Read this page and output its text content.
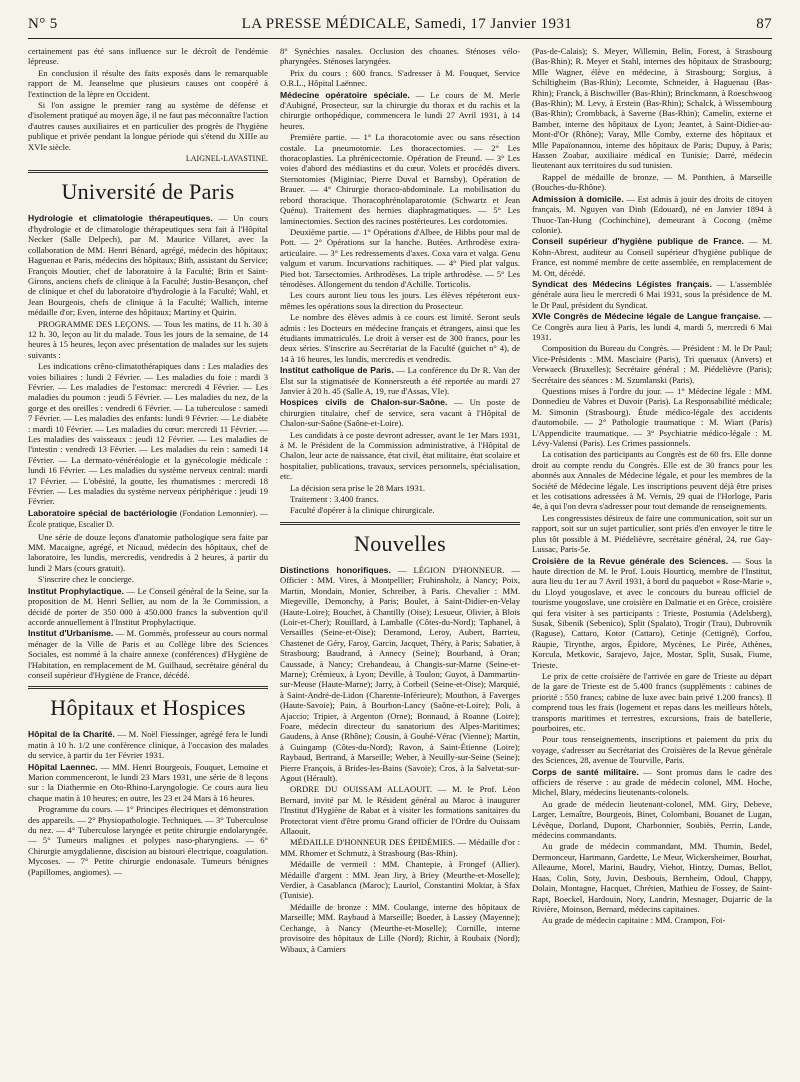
N° 5	LA PRESSE MÉDICALE, Samedi, 17 Janvier 1931	87

certainement pas été sans influence sur le décroît de l'endémie lépreuse.

En conclusion il résulte des faits exposés dans le remarquable rapport de M. Jeanselme que plusieurs causes ont coopéré à l'extinction de la lèpre en Occident.

Si l'on assigne le premier rang au système de défense et d'isolement pratiqué au moyen âge, il ne faut pas méconnaître l'action d'autres causes auxiliaires et en particulier des progrès de l'hygiène publique et privée pendant la longue période qui s'étend du XIIIe au XVIe siècle.

LAIGNEL-LAVASTINE.

Université de Paris

Hydrologie et climatologie thérapeutiques. — Un cours d'hydrologie et de climatologie thérapeutiques sera fait à l'Hôpital Necker (Salle Delpech), par M. Maurice Villaret, avec la collaboration de MM. Henri Bénard, agrégé, médecin des hôpitaux; Haguenau et Paris, médecins des hôpitaux; Bith, assistant du Service; François Moutier, chef de laboratoire à la Faculté; Brin et Saint-Girons, anciens chefs de clinique à la Faculté; Justin-Besançon, chef de clinique et chef du laboratoire d'hydrologie à la Faculté; Wahl, et Jean Bourgeois, chefs de clinique à la Faculté; Wallich, interne médaille d'or; Even, interne des hôpitaux; Martiny et Quirin.

PROGRAMME DES LEÇONS. — Tous les matins, de 11 h. 30 à 12 h. 30, leçon au lit du malade. Tous les jours de la semaine, de 14 heures à 15 heures, leçon avec présentation de malades sur les sujets suivants :

Les indications crêno-climatothérapiques dans : Les maladies des voies biliaires : lundi 2 Février. — Les maladies du foie : mardi 3 Février. — Les maladies de l'estomac: mercredi 4 Février. — Les maladies du poumon : jeudi 5 Février. — Les maladies du nez, de la gorge et des oreilles : vendredi 6 Février. — La tuberculose : samedi 7 Février. — Les maladies des enfants: lundi 9 Février. — Le diabète : mardi 10 Février. — Les maladies du cœur: mercredi 11 Février. — Les maladies des vaisseaux : jeudi 12 Février. — Les maladies de l'intestin : vendredi 13 Février. — Les maladies du rein : samedi 14 Février. — La dermato-vénéréologie et la gynécologie médicale : lundi 16 Février. — Les maladies du système nerveux central: mardi 17 Février. — L'obésité, la goutte, les rhumatismes : mercredi 18 Février. — Les maladies du système nerveux périphérique : jeudi 19 Février.

Laboratoire spécial de bactériologie (Fondation Lemonnier). — École pratique, Escalier D.

Une série de douze leçons d'anatomie pathologique sera faite par MM. Macaigne, agrégé, et Nicaud, médecin des hôpitaux, chef de laboratoire, les lundis, mercredis, vendredis à 2 heures, à partir du lundi 2 Mars (cours gratuit).

S'inscrire chez le concierge.

Institut Prophylactique. — Le Conseil général de la Seine, sur la proposition de M. Henri Sellier, au nom de la 3e Commission, a décidé de porter de 350 000 à 450.000 francs la subvention qu'il accorde annuellement à l'Institut Prophylactique.

Institut d'Urbanisme. — M. Gommès, professeur au cours normal ménager de la Ville de Paris et au Collège libre des Sciences Sociales, est nommé à la chaire annexe (conférences) d'Hygiène de l'Habitation, en remplacement de M. Guilhaud, secrétaire général du conseil supérieur d'Hygiène de France, décédé.

Hôpitaux et Hospices

Hôpital de la Charité. — M. Noël Fiessinger, agrégé fera le lundi matin à 10 h. 1/2 une conférence clinique, à l'occasion des malades du service, à partir du 1er Février 1931.

Hôpital Laennec. — MM. Henri Bourgeois, Fouquet, Lemoine et Marion commenceront, le lundi 23 Mars 1931, une série de 8 leçons sur : la Diathermie en Oto-Rhino-Laryngologie. Ce cours aura lieu chaque matin à 10 heures; en outre, les 23 et 24 Mars à 16 heures.

Programme du cours. — 1° Principes électriques et démonstration des appareils. — 2° Physiopathologie. Techniques. — 3° Tuberculose du nez. — 4° Tuberculose laryngée et petite chirurgie endolaryngée. — 5° Tumeurs malignes et polypes naso-pharyngiens. — 6° Chirurgie amygdalienne, discision au bistouri électrique, coagulation. Mycoses. — 7° Petite chirurgie endonasale. Tumeurs bénignes (Papillomes, angiomes). —

8° Synéchies nasales. Occlusion des choanes. Sténoses vélo-pharyngées. Sténoses laryngées.

Prix du cours : 600 francs. S'adresser à M. Fouquet, Service O.R.L., Hôpital Laënnec.

Médecine opératoire spéciale. — Le cours de M. Merle d'Aubigné, Prosecteur, sur la chirurgie du thorax et du rachis et la chirurgie orthopédique, commencera le lundi 27 Avril 1931, à 14 heures.

Première partie. — 1° La thoracotomie avec ou sans résection costale. La pneumotomie. Les thoracectomies. — 2° Les thoracoplasties. La phrénicectomie. Opération de Freund. — 3° Les voies d'abord des médiastins et du cœur. Volets et procédés divers. Sternotomies (Miginiac, Pierre Duval et Barnsby). Opération de Brauer. — 4° Chirurgie thoraco-abdominale. La mobilisation du rebord thoracique. Thoracophrénolaparotomie (Schwartz et Jean Quénu). Traitement des hernies diaphragmatiques. — 5° Les laminectomies. Section des racines postérieures. Les cordotomies.

Deuxième partie. — 1° Opérations d'Albee, de Hibbs pour mal de Pott. — 2° Opérations sur la hanche. Butées. Arthrodèse extra-articulaire. — 3° Les redressements d'axes. Coxa vara et valga. Genu valgum et varum. Incurvations rachitiques. — 4° Pied plat valgus. Pied bot. Tarsectomies. Arthrodèses. La triple arthrodèse. — 5° Les ténodèses. Allongement du tendon d'Achille. Torticolis.

Les cours auront lieu tous les jours. Les élèves répéteront eux-mêmes les opérations sous la direction du Prosecteur.

Le nombre des élèves admis à ce cours est limité. Seront seuls admis : les Docteurs en médecine français et étrangers, ainsi que les étudiants immatriculés. Le droit à verser est de 300 francs, pour les deux séries. S'inscrire au Secrétariat de la Faculté (guichet n° 4), de 14 à 16 heures, les lundis, mercredis et vendredis.

Institut catholique de Paris. — La conférence du Dr R. Van der Elst sur la stigmatisée de Konnersreuth a été reportée au mardi 27 Janvier à 20 h. 45 (Salle A, 19, rue d'Assas, VIe).

Hospices civils de Chalon-sur-Saône. — Un poste de chirurgien titulaire, chef de service, sera vacant à l'Hôpital de Chalon-sur-Saône (Saône-et-Loire).

Les candidats à ce poste devront adresser, avant le 1er Mars 1931, à M. le Président de la Commission administrative, à l'Hôpital de Chalon, leur acte de naissance, état civil, état militaire, état scolaire et hospitalier, publications, travaux, services personnels, spécialisation, etc.

La décision sera prise le 28 Mars 1931.

Traitement : 3.400 francs.

Faculté d'opérer à la clinique chirurgicale.

Nouvelles

Distinctions honorifiques. — LÉGION D'HONNEUR. — Officier : MM. Vires, à Montpellier; Fruhinsholz, à Nancy; Poix, Martin, Mondain, Monier, Schreiber, à Paris. Chevalier : MM. Miegeville, Demonchy, à Paris; Boulet, à Saint-Didier-en-Velay (Haute-Loire); Bouchet, à Chantilly (Oise); Lesueur, Olivier, à Blois (Loir-et-Cher); Rouillard, à Lamballe (Côtes-du-Nord); Taphanel, à Versailles (Seine-et-Oise); Deramond, Leroy, Aubert, Barrieu, Chastenet de Géry, Faroy, Garcin, Jacquet, Théry, à Paris; Sabatier, à Strasbourg; Baudrand, à Annecy (Seine); Bourband, à Oran; Caussade, à Nancy; Crehandeau, à Changis-sur-Marne (Seine-et-Marne); Crémieux, à Lyon; Deville, à Toulon; Guyot, à Dammartin-sur-Meuse (Haute-Marne); Jarry, à Corbeil (Seine-et-Oise); Marquié, à Saint-André-de-Lidon (Charente-Inférieure); Mouthon, à Faverges (Haute-Savoie); Pain, à Bourbon-Lancy (Saône-et-Loire); Poli, à Ajaccio; Tripier, à Argenton (Orne); Bonnaud, à Roanne (Loire); Foare, médecin directeur du sanatorium des Alpes-Maritimes; Gaudens, à Anse (Rhône); Cousin, à Goubé-Vérac (Vienne); Martin, à Guingamp (Côtes-du-Nord); Ravon, à Saint-Étienne (Loire); Raybaud, Bertrand, à Marseille; Weber, à Neuilly-sur-Seine (Seine); Pierre François, à Brides-les-Bains (Savoie); Cros, à la Salvetat-sur-Agout (Hérault).

ORDRE DU OUISSAM ALLAOUIT. — M. le Prof. Léon Bernard, invité par M. le Résident général au Maroc à inaugurer l'Institut d'Hygiène de Rabat et à visiter les formations sanitaires du Protectorat vient d'être promu Grand officier de l'Ordre du Ouissam Allaouit.

MÉDAILLE D'HONNEUR DES ÉPIDÉMIES. — Médaille d'or : MM. Rhomer et Schmutz, à Strasbourg (Bas-Rhin).

Médaille de vermeil : MM. Chantepie, à Frongef (Allier). Médaille d'argent : MM. Jean Jiry, à Briey (Meurthe-et-Moselle); Verdier, à Casablanca (Maroc); Lauriol, Constantini Moktar, à Sfax (Tunisie).

Médaille de bronze : MM. Coulange, interne des hôpitaux de Marseille; MM. Raybaud à Marseille; Boeder, à Lassey (Mayenne); Cechange, à Nancy (Meurthe-et-Moselle); Cornille, interne provisoire des hôpitaux de Lille (Nord); Richir, à Roubaix (Nord); Wibaux, à Camiers

(Pas-de-Calais); S. Meyer, Willemin, Belin, Forest, à Strasbourg (Bas-Rhin); R. Meyer et Stahl, internes des hôpitaux de Strasbourg; Mlle Wagner, élève en médecine, à Strasbourg; Sorgius, à Schiltigheim (Bas-Rhin); Lecomte, Schneider, à Haguenau (Bas-Rhin); Franck, à Bischwiller (Bas-Rhin); Brinckmann, à Roeschwoog (Bas-Rhin); M. Levy, à Erstein (Bas-Rhin); Schalck, à Wissembourg (Bas-Rhin); Crombback, à Saverne (Bas-Rhin); Camelin, externe et Bamber, interne des hôpitaux de Lyon; Jeantet, à Saint-Didier-au-Mont-d'Or (Rhône); Varay, Mlle Comby, externe des hôpitaux et Mlle Papaïonannou, interne des hôpitaux de Paris; Dupuy, à Paris; Hassen Zoabar, auxiliaire médical en Tunisie; Darré, médecin lieutenant aux territoires du sud tunisien.

Rappel de médaille de bronze. — M. Ponthien, à Marseille (Bouches-du-Rhône).

Admission à domicile. — Est admis à jouir des droits de citoyen français, M. Nguyen van Dinh (Edouard), né en Janvier 1894 à Thuoc-Tan-Hung (Cochinchine), demeurant à Cocong (même colonie).

Conseil supérieur d'hygiène publique de France. — M. Kohn-Abrest, auditeur au Conseil supérieur d'hygiène publique de France, est nommé membre de cette assemblée, en remplacement de M. Ott, décédé.

Syndicat des Médecins Légistes français. — L'assemblée générale aura lieu le mercredi 6 Mai 1931, sous la présidence de M. le Dr Paul, président du Syndicat.

XVIe Congrès de Médecine légale de Langue française. — Ce Congrès aura lieu à Paris, les lundi 4, mardi 5, mercredi 6 Mai 1931.

Composition du Bureau du Congrès. — Président : M. le Dr Paul; Vice-Présidents : MM. Mascìaire (Paris), Tri quenaux (Anvers) et Verwaeck (Bruxelles); Secrétaire général : M. Piédelièvre (Paris); Secrétaire des séances : M. Szumlanski (Paris).

Questions mises à l'ordre du jour. — 1° Médecine légale : MM. Donnedieu de Vabres et Duvoir (Paris). La Responsabilité médicale; M. Simonin (Strasbourg). Étude médico-légale des accidents d'automobile. — 2° Pathologie traumatique : M. Wiart (Paris) L'Appendicite traumatique. — 3° Psychiatrie médico-légale : M. Lévy-Valensi (Paris). Les Crimes passionnels.

La cotisation des participants au Congrès est de 60 frs. Elle donne droit au compte rendu du Congrès. Elle est de 30 francs pour les abonnés aux Annales de Médecine légale, et pour les membres de la Société de Médecine légale. Les inscriptions peuvent déjà être prises et les cotisations adressées à M. Vernis, 29 quai de l'Horloge, Paris 4e, à qui l'on devra s'adresser pour tout demande de renseignements.

Les congressistes désireux de faire une communication, soit sur un rapport, soit sur un sujet particulier, sont priés d'en envoyer le titre le plus tôt possible à M. Piédelièvre, secrétaire général, 24, rue Gay-Lussac, Paris-5e.

Croisière de la Revue générale des Sciences. — Sous la haute direction de M. le Prof. Louis Hourticq, membre de l'Institut, aura lieu du 1er au 7 Avril 1931, à bord du paquebot « Rose-Marie », du Lloyd yougoslave, et avec le concours du bureau officiel de tourisme yougoslave, une croisière en Dalmatie et en Grèce, croisière qui fera visiter à ses participants : Trieste, Postumia (Adelsberg), Susak, Sibenik (Sebenico), Split (Spalato), Trogir (Trau), Dubrovnik (Raguse), Cattaro, Kotor (Cattaro), Cetinje (Cettigné), Corfou, Raupie, Tirynthe, argos, Épidore, Mycènes, Le Pirée, Athènes, Korcula, Metkovic, Sarajevo, Jajce, Mostar, Split, Susak, Fiume, Trieste.

Le prix de cette croisière de l'arrivée en gare de Trieste au départ de la gare de Trieste est de 5.400 francs (suppléments : cabines de priorité : 550 francs; cabine de luxe avec bain privé 1.200 francs). Il comprend tous les frais (logement et repas dans les meilleurs hôtels, transports maritimes et terrestres, excursions, frais de batellerie, pourboires, etc.

Pour tous renseignements, inscriptions et paiement du prix du voyage, s'adresser au Secrétariat des Croisières de la Revue générale des Sciences, 28, avenue de Tourville, Paris.

Corps de santé militaire. — Sont promus dans le cadre des officiers de réserve : au grade de médecin colonel, MM. Hoche, Michel, Blary, médecins lieutenants-colonels.

Au grade de médecin lieutenant-colonel, MM. Giry, Debeve, Larger, Lemaître, Bourgeois, Binet, Colombani, Bouanet de Lugan, Lévêque, Dorland, Dupont, Charbonnier, Soubiès, Perrin, Lande, médecins commandants.

Au grade de médecin commandant, MM. Thumin, Bedel, Dermonceur, Hartmann, Gardette, Le Meur, Wickersheimer, Bourhat, Alleaume, Morel, Marini, Baudry, Viehot, Hintzy, Dumas, Bellot, Haas, Colin, Soty, Juvin, Desbouis, Bernheim, Odoul, Chappy, Dolain, Montagne, Hacquet, Chrétien, Mathieu de Fossey, de Saint-Rapt, Boeckel, Hardouin, Nory, Landrin, Mesnager, Dujarric de la Rivière, Moinson, Bernard, médecins capitaines.

Au grade de médecin capitaine : MM. Crampon, Foi-
